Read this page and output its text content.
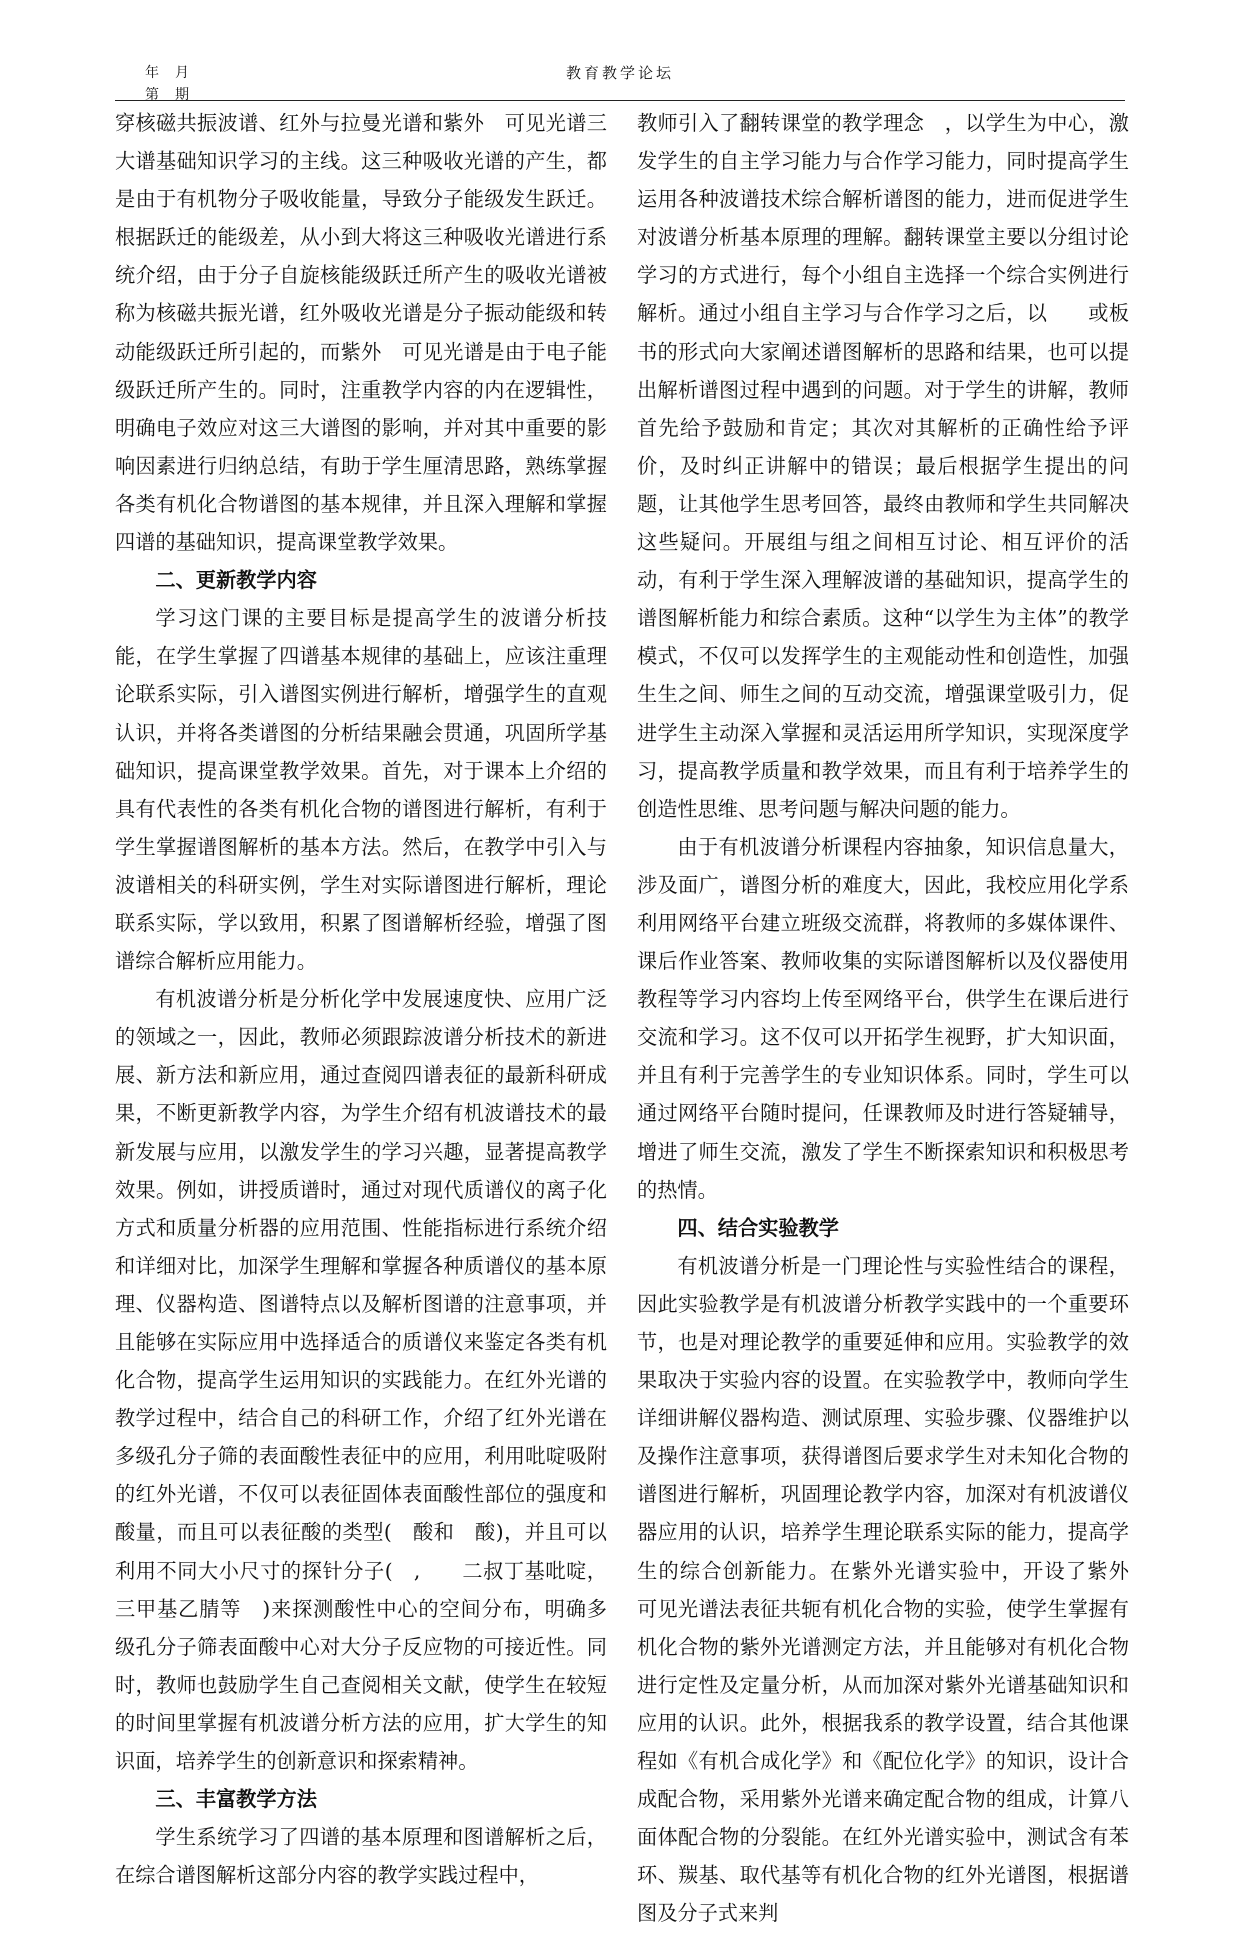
年　月
第　期
教育教学论坛

穿核磁共振波谱、红外与拉曼光谱和紫外　可见光谱三大谱基础知识学习的主线。这三种吸收光谱的产生，都是由于有机物分子吸收能量，导致分子能级发生跃迁。根据跃迁的能级差，从小到大将这三种吸收光谱进行系统介绍，由于分子自旋核能级跃迁所产生的吸收光谱被称为核磁共振光谱，红外吸收光谱是分子振动能级和转动能级跃迁所引起的，而紫外　可见光谱是由于电子能级跃迁所产生的。同时，注重教学内容的内在逻辑性，明确电子效应对这三大谱图的影响，并对其中重要的影响因素进行归纳总结，有助于学生厘清思路，熟练掌握各类有机化合物谱图的基本规律，并且深入理解和掌握四谱的基础知识，提高课堂教学效果。

二、更新教学内容

学习这门课的主要目标是提高学生的波谱分析技能，在学生掌握了四谱基本规律的基础上，应该注重理论联系实际，引入谱图实例进行解析，增强学生的直观认识，并将各类谱图的分析结果融会贯通，巩固所学基础知识，提高课堂教学效果。首先，对于课本上介绍的具有代表性的各类有机化合物的谱图进行解析，有利于学生掌握谱图解析的基本方法。然后，在教学中引入与波谱相关的科研实例，学生对实际谱图进行解析，理论联系实际，学以致用，积累了图谱解析经验，增强了图谱综合解析应用能力。

有机波谱分析是分析化学中发展速度快、应用广泛的领域之一，因此，教师必须跟踪波谱分析技术的新进展、新方法和新应用，通过查阅四谱表征的最新科研成果，不断更新教学内容，为学生介绍有机波谱技术的最新发展与应用，以激发学生的学习兴趣，显著提高教学效果。例如，讲授质谱时，通过对现代质谱仪的离子化方式和质量分析器的应用范围、性能指标进行系统介绍和详细对比，加深学生理解和掌握各种质谱仪的基本原理、仪器构造、图谱特点以及解析图谱的注意事项，并且能够在实际应用中选择适合的质谱仪来鉴定各类有机化合物，提高学生运用知识的实践能力。在红外光谱的教学过程中，结合自己的科研工作，介绍了红外光谱在多级孔分子筛的表面酸性表征中的应用，利用吡啶吸附的红外光谱，不仅可以表征固体表面酸性部位的强度和酸量，而且可以表征酸的类型(　酸和　酸)，并且可以利用不同大小尺寸的探针分子(　,　　二叔丁基吡啶，三甲基乙腈等　)来探测酸性中心的空间分布，明确多级孔分子筛表面酸中心对大分子反应物的可接近性。同时，教师也鼓励学生自己查阅相关文献，使学生在较短的时间里掌握有机波谱分析方法的应用，扩大学生的知识面，培养学生的创新意识和探索精神。

三、丰富教学方法

学生系统学习了四谱的基本原理和图谱解析之后，在综合谱图解析这部分内容的教学实践过程中，

教师引入了翻转课堂的教学理念　，以学生为中心，激发学生的自主学习能力与合作学习能力，同时提高学生运用各种波谱技术综合解析谱图的能力，进而促进学生对波谱分析基本原理的理解。翻转课堂主要以分组讨论学习的方式进行，每个小组自主选择一个综合实例进行解析。通过小组自主学习与合作学习之后，以　　或板书的形式向大家阐述谱图解析的思路和结果，也可以提出解析谱图过程中遇到的问题。对于学生的讲解，教师首先给予鼓励和肯定；其次对其解析的正确性给予评价，及时纠正讲解中的错误；最后根据学生提出的问题，让其他学生思考回答，最终由教师和学生共同解决这些疑问。开展组与组之间相互讨论、相互评价的活动，有利于学生深入理解波谱的基础知识，提高学生的谱图解析能力和综合素质。这种“以学生为主体”的教学模式，不仅可以发挥学生的主观能动性和创造性，加强生生之间、师生之间的互动交流，增强课堂吸引力，促进学生主动深入掌握和灵活运用所学知识，实现深度学习，提高教学质量和教学效果，而且有利于培养学生的创造性思维、思考问题与解决问题的能力。

由于有机波谱分析课程内容抽象，知识信息量大，涉及面广，谱图分析的难度大，因此，我校应用化学系利用网络平台建立班级交流群，将教师的多媒体课件、课后作业答案、教师收集的实际谱图解析以及仪器使用教程等学习内容均上传至网络平台，供学生在课后进行交流和学习。这不仅可以开拓学生视野，扩大知识面，并且有利于完善学生的专业知识体系。同时，学生可以通过网络平台随时提问，任课教师及时进行答疑辅导，增进了师生交流，激发了学生不断探索知识和积极思考的热情。

四、结合实验教学

有机波谱分析是一门理论性与实验性结合的课程，因此实验教学是有机波谱分析教学实践中的一个重要环节，也是对理论教学的重要延伸和应用。实验教学的效果取决于实验内容的设置。在实验教学中，教师向学生详细讲解仪器构造、测试原理、实验步骤、仪器维护以及操作注意事项，获得谱图后要求学生对未知化合物的谱图进行解析，巩固理论教学内容，加深对有机波谱仪器应用的认识，培养学生理论联系实际的能力，提高学生的综合创新能力。在紫外光谱实验中，开设了紫外　可见光谱法表征共轭有机化合物的实验，使学生掌握有机化合物的紫外光谱测定方法，并且能够对有机化合物进行定性及定量分析，从而加深对紫外光谱基础知识和应用的认识。此外，根据我系的教学设置，结合其他课程如《有机合成化学》和《配位化学》的知识，设计合成配合物，采用紫外光谱来确定配合物的组成，计算八面体配合物的分裂能。在红外光谱实验中，测试含有苯环、羰基、取代基等有机化合物的红外光谱图，根据谱图及分子式来判
